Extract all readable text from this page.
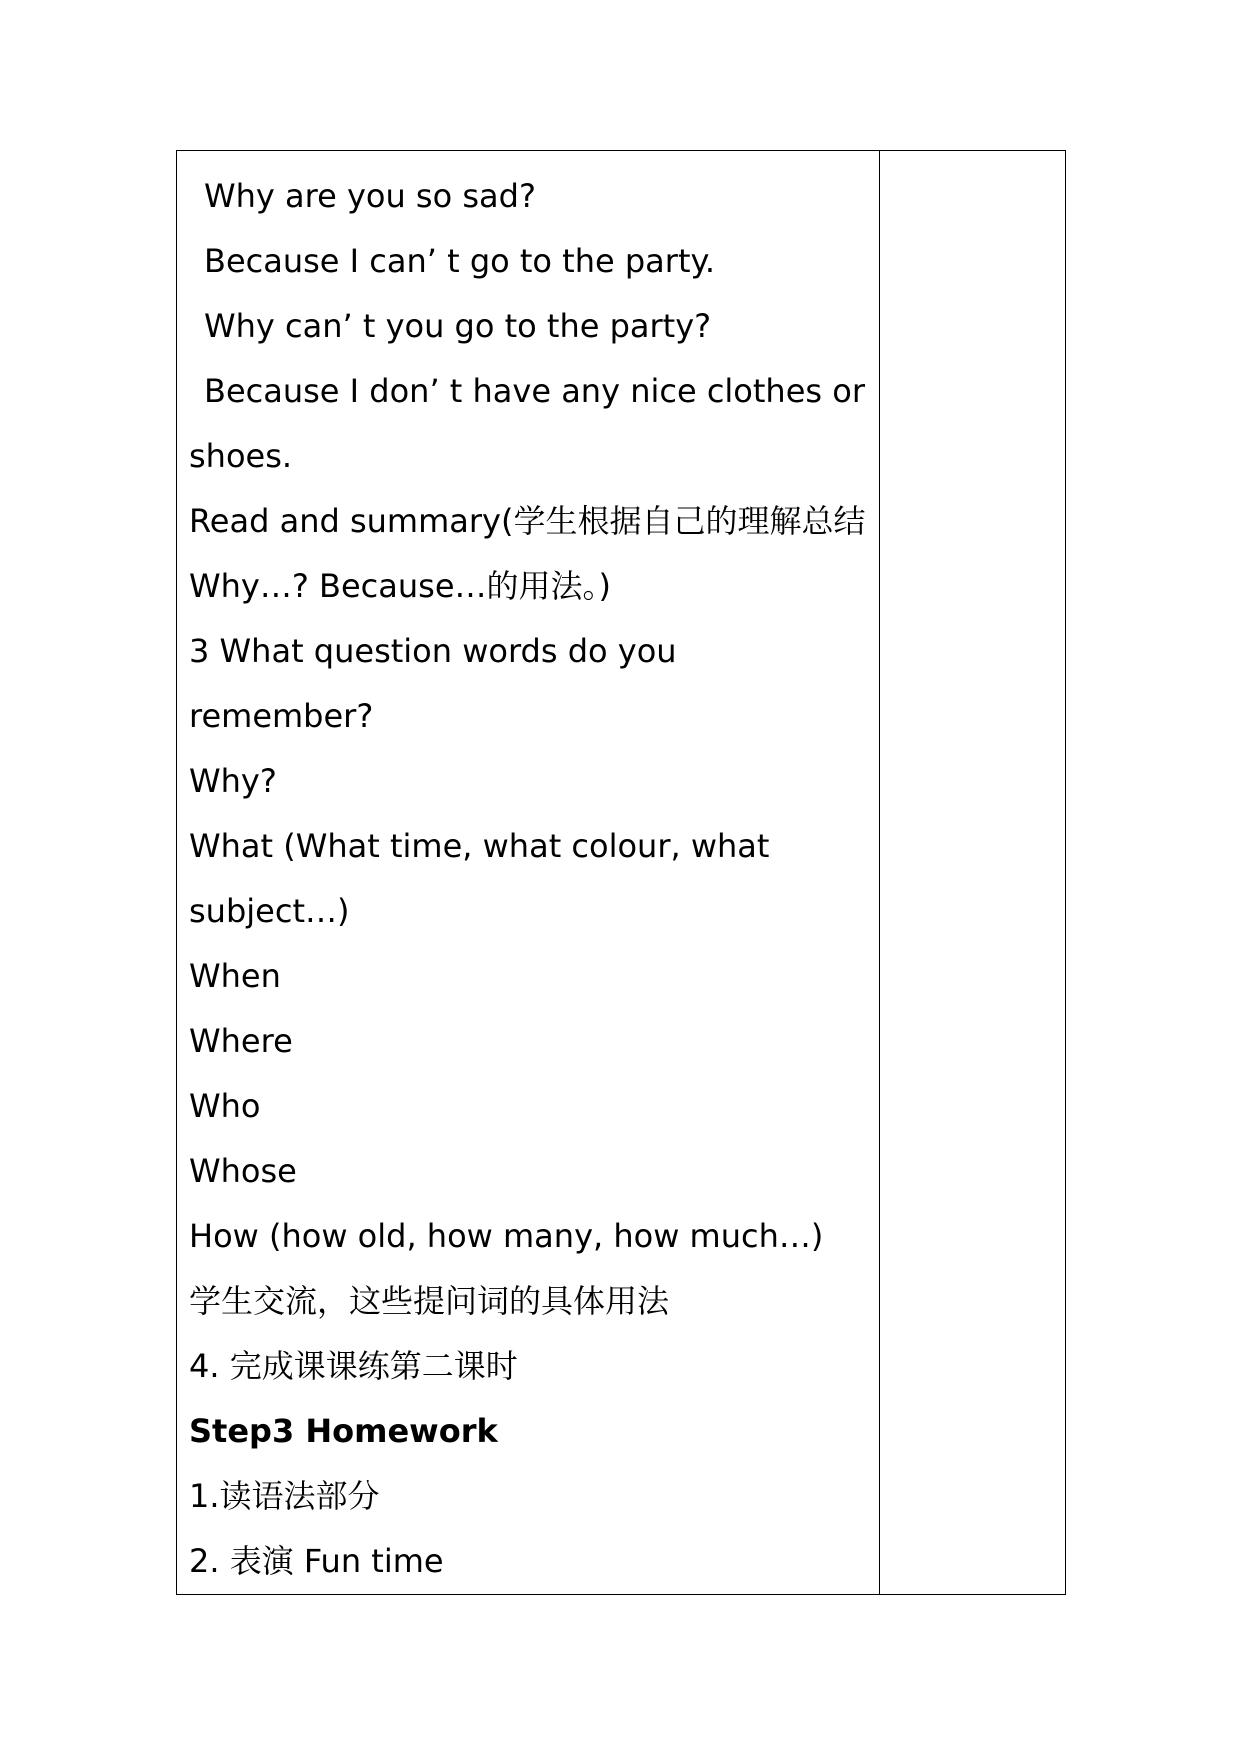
Why are you so sad?
Because I can’ t go to the party.
Why can’ t you go to the party?
Because I don’ t have any nice clothes or
shoes.
Read and summary(学生根据自己的理解总结
Why…? Because…的用法。)
3 What question words do you
remember?
Why?
What (What time, what colour, what
subject…)
When
Where
Who
Whose
How (how old, how many, how much…)
学生交流，这些提问词的具体用法
4. 完成课课练第二课时
Step3 Homework
1.读语法部分
2. 表演 Fun time
